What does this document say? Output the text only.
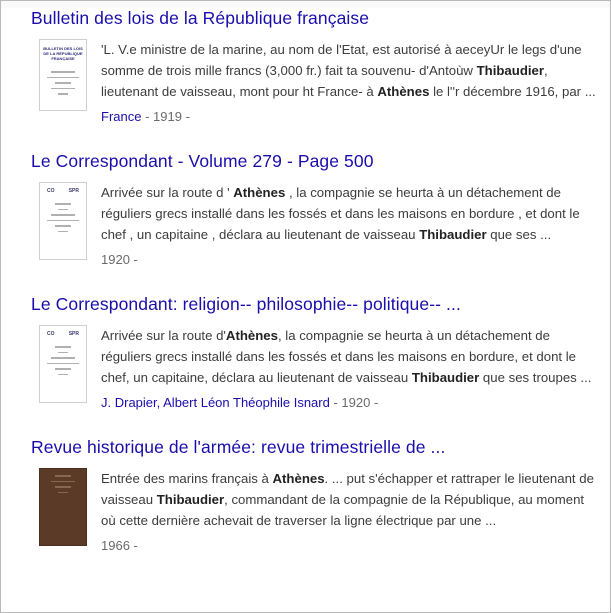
Bulletin des lois de la République française
BULLETIN DES LOIS DE LA RÉPUBLIQUE FRANÇAISE
'L. V.e ministre de la marine, au nom de l'Etat, est autorisé à aeceyUr le legs d'une somme de trois mille francs (3,000 fr.) fait ta souvenu- d'Antoùw Thibaudier, lieutenant de vaisseau, mont pour ht France- à Athènes le l''r décembre 1916, par ...
France - 1919 -
Le Correspondant - Volume 279 - Page 500
CO	SPR Arrivée sur la route d ' Athènes , la compagnie se heurta à un détachement de réguliers grecs installé dans les fossés et dans les maisons en bordure , et dont le chef , un capitaine , déclara au lieutenant de vaisseau Thibaudier que ses ...
1920 -
Le Correspondant: religion-- philosophie-- politique-- ...
CO	SPR Arrivée sur la route d'Athènes, la compagnie se heurta à un détachement de réguliers grecs installé dans les fossés et dans les maisons en bordure, et dont le chef, un capitaine, déclara au lieutenant de vaisseau Thibaudier que ses troupes ...
J. Drapier, Albert Léon Théophile Isnard - 1920 -
Revue historique de l'armée: revue trimestrielle de ...
Entrée des marins français à Athènes. ... put s'échapper et rattraper le lieutenant de vaisseau Thibaudier, commandant de la compagnie de la République, au moment où cette dernière achevait de traverser la ligne électrique par une ...
1966 -
